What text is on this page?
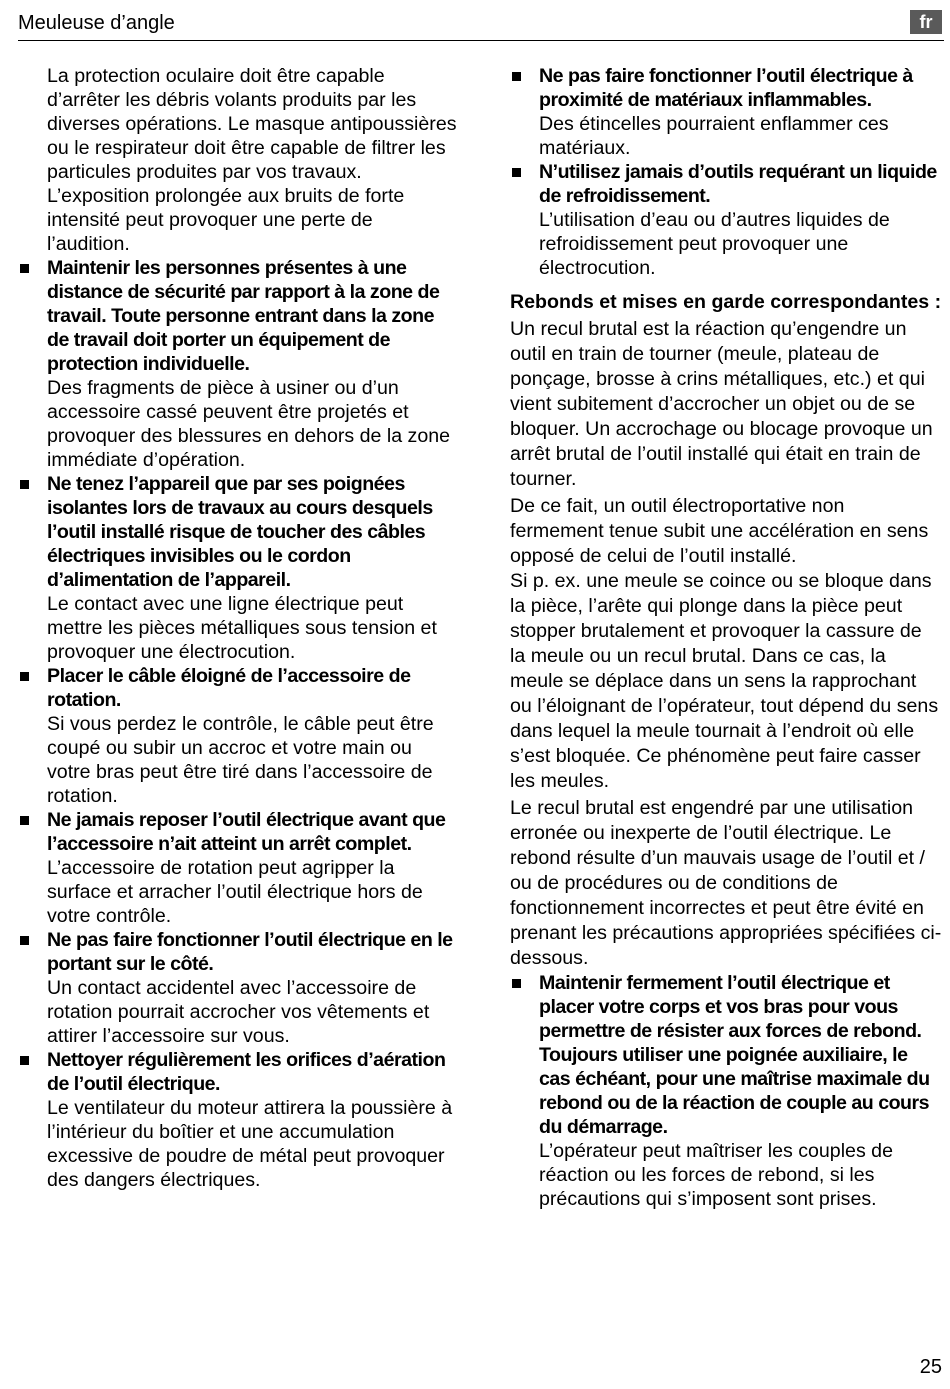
Meuleuse d’angle	fr

La protection oculaire doit être capable d’arrêter les débris volants produits par les diverses opérations. Le masque antipoussières ou le respirateur doit être capable de filtrer les particules produites par vos travaux.

L’exposition prolongée aux bruits de forte intensité peut provoquer une perte de l’audition.

Maintenir les personnes présentes à une distance de sécurité par rapport à la zone de travail. Toute personne entrant dans la zone de travail doit porter un équipement de protection individuelle.

Des fragments de pièce à usiner ou d’un accessoire cassé peuvent être projetés et provoquer des blessures en dehors de la zone immédiate d’opération.

Ne tenez l’appareil que par ses poignées isolantes lors de travaux au cours desquels l’outil installé risque de toucher des câbles électriques invisibles ou le cordon d’alimentation de l’appareil.

Le contact avec une ligne électrique peut mettre les pièces métalliques sous tension et provoquer une électrocution.

Placer le câble éloigné de l’accessoire de rotation.

Si vous perdez le contrôle, le câble peut être coupé ou subir un accroc et votre main ou votre bras peut être tiré dans l’accessoire de rotation.

Ne jamais reposer l’outil électrique avant que l’accessoire n’ait atteint un arrêt complet.

L’accessoire de rotation peut agripper la surface et arracher l’outil électrique hors de votre contrôle.

Ne pas faire fonctionner l’outil électrique en le portant sur le côté.

Un contact accidentel avec l’accessoire de rotation pourrait accrocher vos vêtements et attirer l’accessoire sur vous.

Nettoyer régulièrement les orifices d’aération de l’outil électrique.

Le ventilateur du moteur attirera la poussière à l’intérieur du boîtier et une accumulation excessive de poudre de métal peut provoquer des dangers électriques.

Ne pas faire fonctionner l’outil électrique à proximité de matériaux inflammables.

Des étincelles pourraient enflammer ces matériaux.

N’utilisez jamais d’outils requérant un liquide de refroidissement.

L’utilisation d’eau ou d’autres liquides de refroidissement peut provoquer une électrocution.

Rebonds et mises en garde correspondantes :

Un recul brutal est la réaction qu’engendre un outil en train de tourner (meule, plateau de ponçage, brosse à crins métalliques, etc.) et qui vient subitement d’accrocher un objet ou de se bloquer. Un accrochage ou blocage provoque un arrêt brutal de l’outil installé qui était en train de tourner.

De ce fait, un outil électroportative non fermement tenue subit une accélération en sens opposé de celui de l’outil installé.

Si p. ex. une meule se coince ou se bloque dans la pièce, l’arête qui plonge dans la pièce peut stopper brutalement et provoquer la cassure de la meule ou un recul brutal. Dans ce cas, la meule se déplace dans un sens la rapprochant ou l’éloignant de l’opérateur, tout dépend du sens dans lequel la meule tournait à l’endroit où elle s’est bloquée. Ce phénomène peut faire casser les meules.

Le recul brutal est engendré par une utilisation erronée ou inexperte de l’outil électrique. Le rebond résulte d’un mauvais usage de l’outil et / ou de procédures ou de conditions de fonctionnement incorrectes et peut être évité en prenant les précautions appropriées spécifiées ci-dessous.

Maintenir fermement l’outil électrique et placer votre corps et vos bras pour vous permettre de résister aux forces de rebond. Toujours utiliser une poignée auxiliaire, le cas échéant, pour une maîtrise maximale du rebond ou de la réaction de couple au cours du démarrage.

L’opérateur peut maîtriser les couples de réaction ou les forces de rebond, si les précautions qui s’imposent sont prises.

25
